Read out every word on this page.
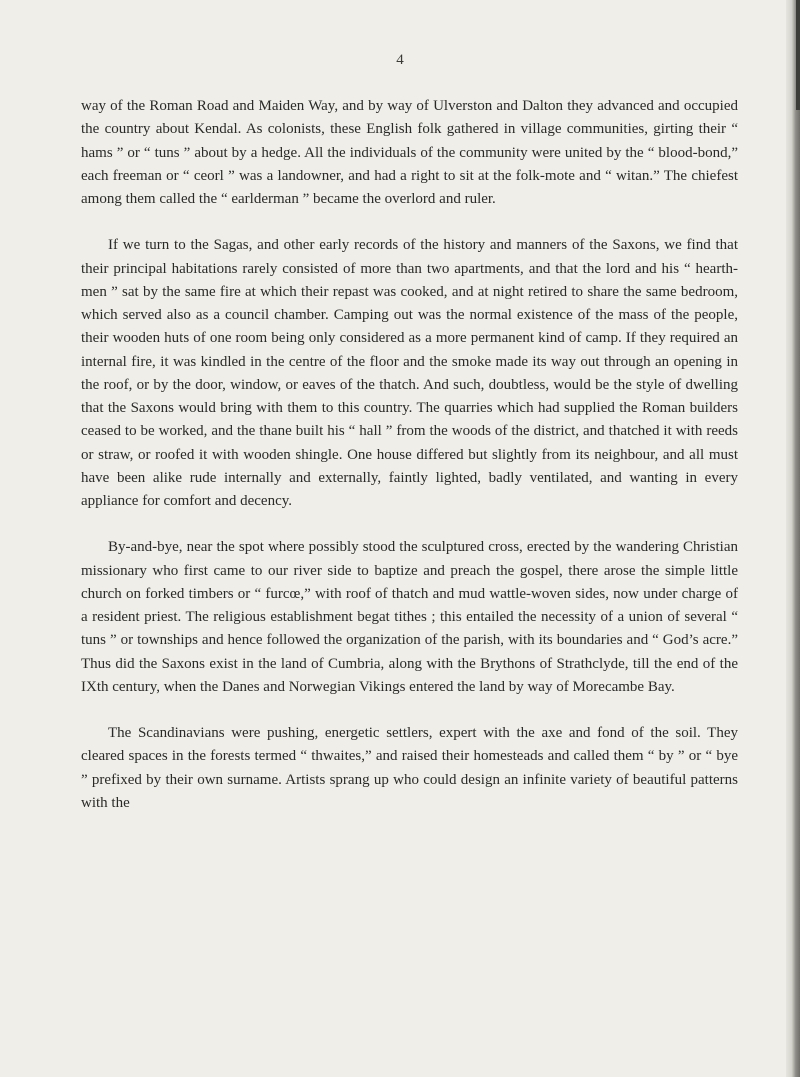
4

way of the Roman Road and Maiden Way, and by way of Ulverston and Dalton they advanced and occupied the country about Kendal. As colonists, these English folk gathered in village communities, girting their “ hams ” or “ tuns ” about by a hedge. All the individuals of the community were united by the “ blood-bond,” each freeman or “ ceorl ” was a landowner, and had a right to sit at the folk-mote and “ witan.” The chiefest among them called the “ earlderman ” became the overlord and ruler.

If we turn to the Sagas, and other early records of the history and manners of the Saxons, we find that their principal habitations rarely consisted of more than two apartments, and that the lord and his “ hearth-men ” sat by the same fire at which their repast was cooked, and at night retired to share the same bedroom, which served also as a council chamber. Camping out was the normal existence of the mass of the people, their wooden huts of one room being only considered as a more permanent kind of camp. If they required an internal fire, it was kindled in the centre of the floor and the smoke made its way out through an opening in the roof, or by the door, window, or eaves of the thatch. And such, doubtless, would be the style of dwelling that the Saxons would bring with them to this country. The quarries which had supplied the Roman builders ceased to be worked, and the thane built his “ hall ” from the woods of the district, and thatched it with reeds or straw, or roofed it with wooden shingle. One house differed but slightly from its neighbour, and all must have been alike rude internally and externally, faintly lighted, badly ventilated, and wanting in every appliance for comfort and decency.

By-and-bye, near the spot where possibly stood the sculptured cross, erected by the wandering Christian missionary who first came to our river side to baptize and preach the gospel, there arose the simple little church on forked timbers or “ furcœ,” with roof of thatch and mud wattle-woven sides, now under charge of a resident priest. The religious establishment begat tithes ; this entailed the necessity of a union of several “ tuns ” or townships and hence followed the organization of the parish, with its boundaries and “ God’s acre.” Thus did the Saxons exist in the land of Cumbria, along with the Brythons of Strathclyde, till the end of the IXth century, when the Danes and Norwegian Vikings entered the land by way of Morecambe Bay.

The Scandinavians were pushing, energetic settlers, expert with the axe and fond of the soil. They cleared spaces in the forests termed “ thwaites,” and raised their homesteads and called them “ by ” or “ bye ” prefixed by their own surname. Artists sprang up who could design an infinite variety of beautiful patterns with the
